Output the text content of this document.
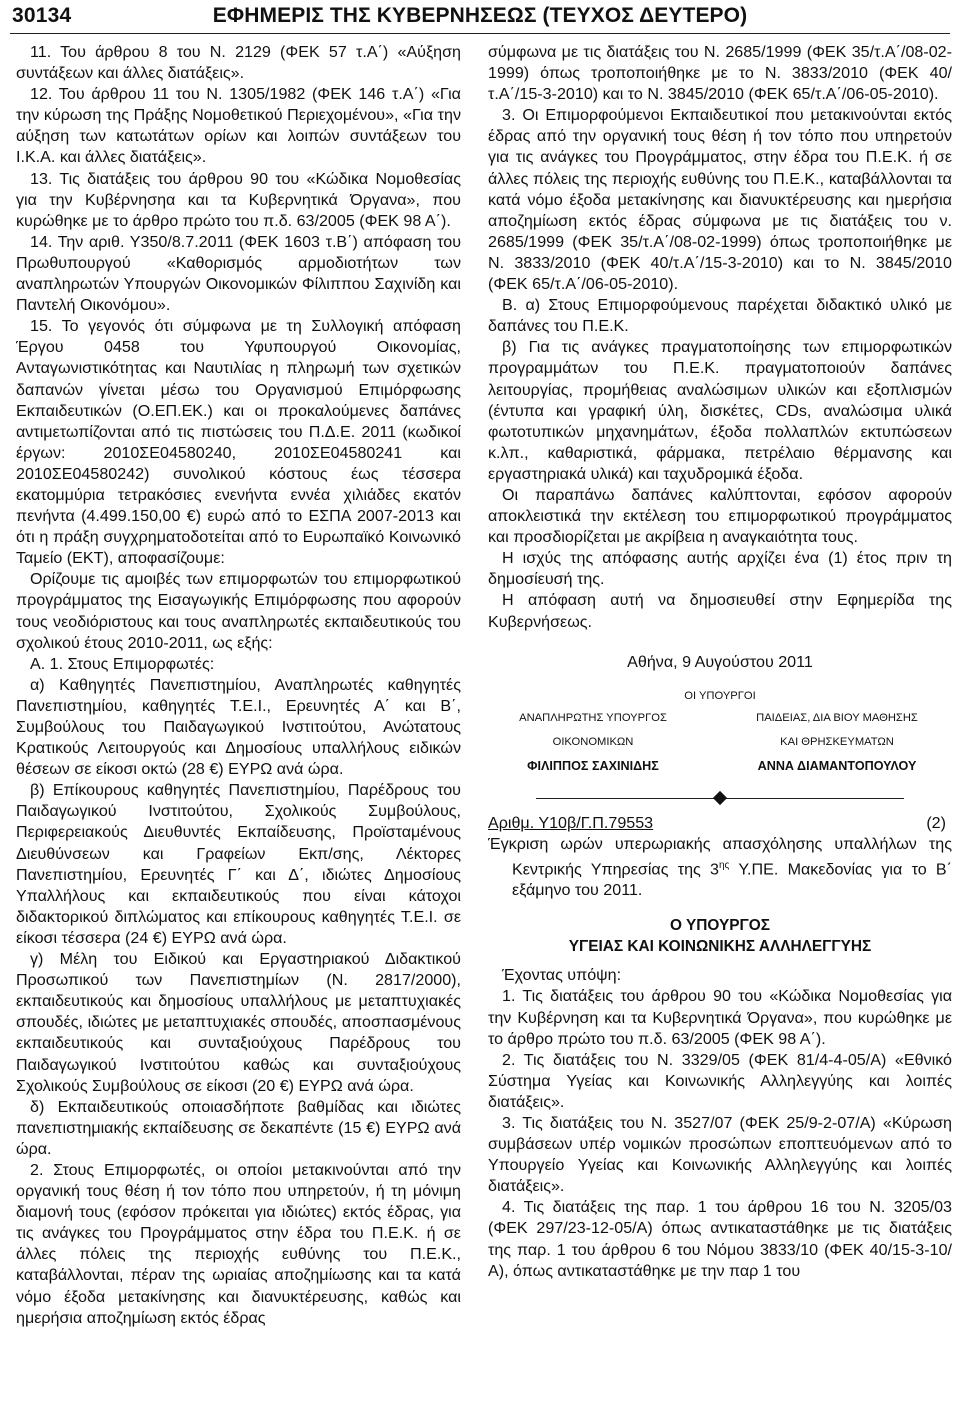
30134	ΕΦΗΜΕΡΙΣ ΤΗΣ ΚΥΒΕΡΝΗΣΕΩΣ (ΤΕΥΧΟΣ ΔΕΥΤΕΡΟ)

11. Του άρθρου 8 του Ν. 2129 (ΦΕΚ 57 τ.Α΄) «Αύξηση συντάξεων και άλλες διατάξεις».

12. Του άρθρου 11 του Ν. 1305/1982 (ΦΕΚ 146 τ.Α΄) «Για την κύρωση της Πράξης Νομοθετικού Περιεχομένου», «Για την αύξηση των κατωτάτων ορίων και λοιπών συντάξεων του Ι.Κ.Α. και άλλες διατάξεις».

13. Τις διατάξεις του άρθρου 90 του «Κώδικα Νομοθεσίας για την Κυβέρνησηα και τα Κυβερνητικά Όργανα», που κυρώθηκε με το άρθρο πρώτο του π.δ. 63/2005 (ΦΕΚ 98 Α΄).

14. Την αριθ. Υ350/8.7.2011 (ΦΕΚ 1603 τ.Β΄) απόφαση του Πρωθυπουργού «Καθορισμός αρμοδιοτήτων των αναπληρωτών Υπουργών Οικονομικών Φίλιππου Σαχινίδη και Παντελή Οικονόμου».

15. Το γεγονός ότι σύμφωνα με τη Συλλογική απόφαση Έργου 0458 του Υφυπουργού Οικονομίας, Ανταγωνιστικότητας και Ναυτιλίας η πληρωμή των σχετικών δαπανών γίνεται μέσω του Οργανισμού Επιμόρφωσης Εκπαιδευτικών (Ο.ΕΠ.ΕΚ.) και οι προκαλούμενες δαπάνες αντιμετωπίζονται από τις πιστώσεις του Π.Δ.Ε. 2011 (κωδικοί έργων: 2010ΣΕ04580240, 2010ΣΕ04580241 και 2010ΣΕ04580242) συνολικού κόστους έως τέσσερα εκατομμύρια τετρακόσιες ενενήντα εννέα χιλιάδες εκατόν πενήντα (4.499.150,00 €) ευρώ από το ΕΣΠΑ 2007-2013 και ότι η πράξη συγχρηματοδοτείται από το Ευρωπαϊκό Κοινωνικό Ταμείο (ΕΚΤ), αποφασίζουμε:

Ορίζουμε τις αμοιβές των επιμορφωτών του επιμορφωτικού προγράμματος της Εισαγωγικής Επιμόρφωσης που αφορούν τους νεοδιόριστους και τους αναπληρωτές εκπαιδευτικούς του σχολικού έτους 2010-2011, ως εξής:

Α. 1. Στους Επιμορφωτές:

α) Καθηγητές Πανεπιστημίου, Αναπληρωτές καθηγητές Πανεπιστημίου, καθηγητές Τ.Ε.Ι., Ερευνητές Α΄ και Β΄, Συμβούλους του Παιδαγωγικού Ινστιτούτου, Ανώτατους Κρατικούς Λειτουργούς και Δημοσίους υπαλλήλους ειδικών θέσεων σε είκοσι οκτώ (28 €) ΕΥΡΩ ανά ώρα.

β) Επίκουρους καθηγητές Πανεπιστημίου, Παρέδρους του Παιδαγωγικού Ινστιτούτου, Σχολικούς Συμβούλους, Περιφερειακούς Διευθυντές Εκπαίδευσης, Προϊσταμένους Διευθύνσεων και Γραφείων Εκπ/σης, Λέκτορες Πανεπιστημίου, Ερευνητές Γ΄ και Δ΄, ιδιώτες Δημοσίους Υπαλλήλους και εκπαιδευτικούς που είναι κάτοχοι διδακτορικού διπλώματος και επίκουρους καθηγητές Τ.Ε.Ι. σε είκοσι τέσσερα (24 €) ΕΥΡΩ ανά ώρα.

γ) Μέλη του Ειδικού και Εργαστηριακού Διδακτικού Προσωπικού των Πανεπιστημίων (Ν. 2817/2000), εκπαιδευτικούς και δημοσίους υπαλλήλους με μεταπτυχιακές σπουδές, ιδιώτες με μεταπτυχιακές σπουδές, αποσπασμένους εκπαιδευτικούς και συνταξιούχους Παρέδρους του Παιδαγωγικού Ινστιτούτου καθώς και συνταξιούχους Σχολικούς Συμβούλους σε είκοσι (20 €) ΕΥΡΩ ανά ώρα.

δ) Εκπαιδευτικούς οποιασδήποτε βαθμίδας και ιδιώτες πανεπιστημιακής εκπαίδευσης σε δεκαπέντε (15 €) ΕΥΡΩ ανά ώρα.

2. Στους Επιμορφωτές, οι οποίοι μετακινούνται από την οργανική τους θέση ή τον τόπο που υπηρετούν, ή τη μόνιμη διαμονή τους (εφόσον πρόκειται για ιδιώτες) εκτός έδρας, για τις ανάγκες του Προγράμματος στην έδρα του Π.Ε.Κ. ή σε άλλες πόλεις της περιοχής ευθύνης του Π.Ε.Κ., καταβάλλονται, πέραν της ωριαίας αποζημίωσης και τα κατά νόμο έξοδα μετακίνησης και διανυκτέρευσης, καθώς και ημερήσια αποζημίωση εκτός έδρας

σύμφωνα με τις διατάξεις του Ν. 2685/1999 (ΦΕΚ 35/τ.Α΄/08-02-1999) όπως τροποποιήθηκε με το Ν. 3833/2010 (ΦΕΚ 40/τ.Α΄/15-3-2010) και το Ν. 3845/2010 (ΦΕΚ 65/τ.Α΄/06-05-2010).

3. Οι Επιμορφούμενοι Εκπαιδευτικοί που μετακινούνται εκτός έδρας από την οργανική τους θέση ή τον τόπο που υπηρετούν για τις ανάγκες του Προγράμματος, στην έδρα του Π.Ε.Κ. ή σε άλλες πόλεις της περιοχής ευθύνης του Π.Ε.Κ., καταβάλλονται τα κατά νόμο έξοδα μετακίνησης και διανυκτέρευσης και ημερήσια αποζημίωση εκτός έδρας σύμφωνα με τις διατάξεις του ν. 2685/1999 (ΦΕΚ 35/τ.Α΄/08-02-1999) όπως τροποποιήθηκε με Ν. 3833/2010 (ΦΕΚ 40/τ.Α΄/15-3-2010) και το Ν. 3845/2010 (ΦΕΚ 65/τ.Α΄/06-05-2010).

Β. α) Στους Επιμορφούμενους παρέχεται διδακτικό υλικό με δαπάνες του Π.Ε.Κ.

β) Για τις ανάγκες πραγματοποίησης των επιμορφωτικών προγραμμάτων του Π.Ε.Κ. πραγματοποιούν δαπάνες λειτουργίας, προμήθειας αναλώσιμων υλικών και εξοπλισμών (έντυπα και γραφική ύλη, δισκέτες, CDs, αναλώσιμα υλικά φωτοτυπικών μηχανημάτων, έξοδα πολλαπλών εκτυπώσεων κ.λπ., καθαριστικά, φάρμακα, πετρέλαιο θέρμανσης και εργαστηριακά υλικά) και ταχυδρομικά έξοδα.

Οι παραπάνω δαπάνες καλύπτονται, εφόσον αφορούν αποκλειστικά την εκτέλεση του επιμορφωτικού προγράμματος και προσδιορίζεται με ακρίβεια η αναγκαιότητα τους.

Η ισχύς της απόφασης αυτής αρχίζει ένα (1) έτος πριν τη δημοσίευσή της.

Η απόφαση αυτή να δημοσιευθεί στην Εφημερίδα της Κυβερνήσεως.

Αθήνα, 9 Αυγούστου 2011

ΟΙ ΥΠΟΥΡΓΟΙ
ΑΝΑΠΛΗΡΩΤΗΣ ΥΠΟΥΡΓΟΣ
ΟΙΚΟΝΟΜΙΚΩΝ
ΦΙΛΙΠΠΟΣ ΣΑΧΙΝΙΔΗΣ
ΠΑΙΔΕΙΑΣ, ΔΙΑ ΒΙΟΥ ΜΑΘΗΣΗΣ
ΚΑΙ ΘΡΗΣΚΕΥΜΑΤΩΝ
ΑΝΝΑ ΔΙΑΜΑΝΤΟΠΟΥΛΟΥ
Αριθμ. Υ10β/Γ.Π.79553	(2)

Έγκριση ωρών υπερωριακής απασχόλησης υπαλλήλων της Κεντρικής Υπηρεσίας της $3^{\eta\varsigma}$ Υ.ΠΕ. Μακεδονίας για το Β΄ εξάμηνο του 2011.

Ο ΥΠΟΥΡΓΟΣ
ΥΓΕΙΑΣ ΚΑΙ ΚΟΙΝΩΝΙΚΗΣ ΑΛΛΗΛΕΓΓΥΗΣ

Έχοντας υπόψη:

1. Τις διατάξεις του άρθρου 90 του «Κώδικα Νομοθεσίας για την Κυβέρνηση και τα Κυβερνητικά Όργανα», που κυρώθηκε με το άρθρο πρώτο του π.δ. 63/2005 (ΦΕΚ 98 Α΄).

2. Τις διατάξεις του Ν. 3329/05 (ΦΕΚ 81/4-4-05/Α) «Εθνικό Σύστημα Υγείας και Κοινωνικής Αλληλεγγύης και λοιπές διατάξεις».

3. Τις διατάξεις του Ν. 3527/07 (ΦΕΚ 25/9-2-07/Α) «Κύρωση συμβάσεων υπέρ νομικών προσώπων εποπτευόμενων από το Υπουργείο Υγείας και Κοινωνικής Αλληλεγγύης και λοιπές διατάξεις».

4. Τις διατάξεις της παρ. 1 του άρθρου 16 του Ν. 3205/03 (ΦΕΚ 297/23-12-05/Α) όπως αντικαταστάθηκε με τις διατάξεις της παρ. 1 του άρθρου 6 του Νόμου 3833/10 (ΦΕΚ 40/15-3-10/Α), όπως αντικαταστάθηκε με την παρ 1 του
